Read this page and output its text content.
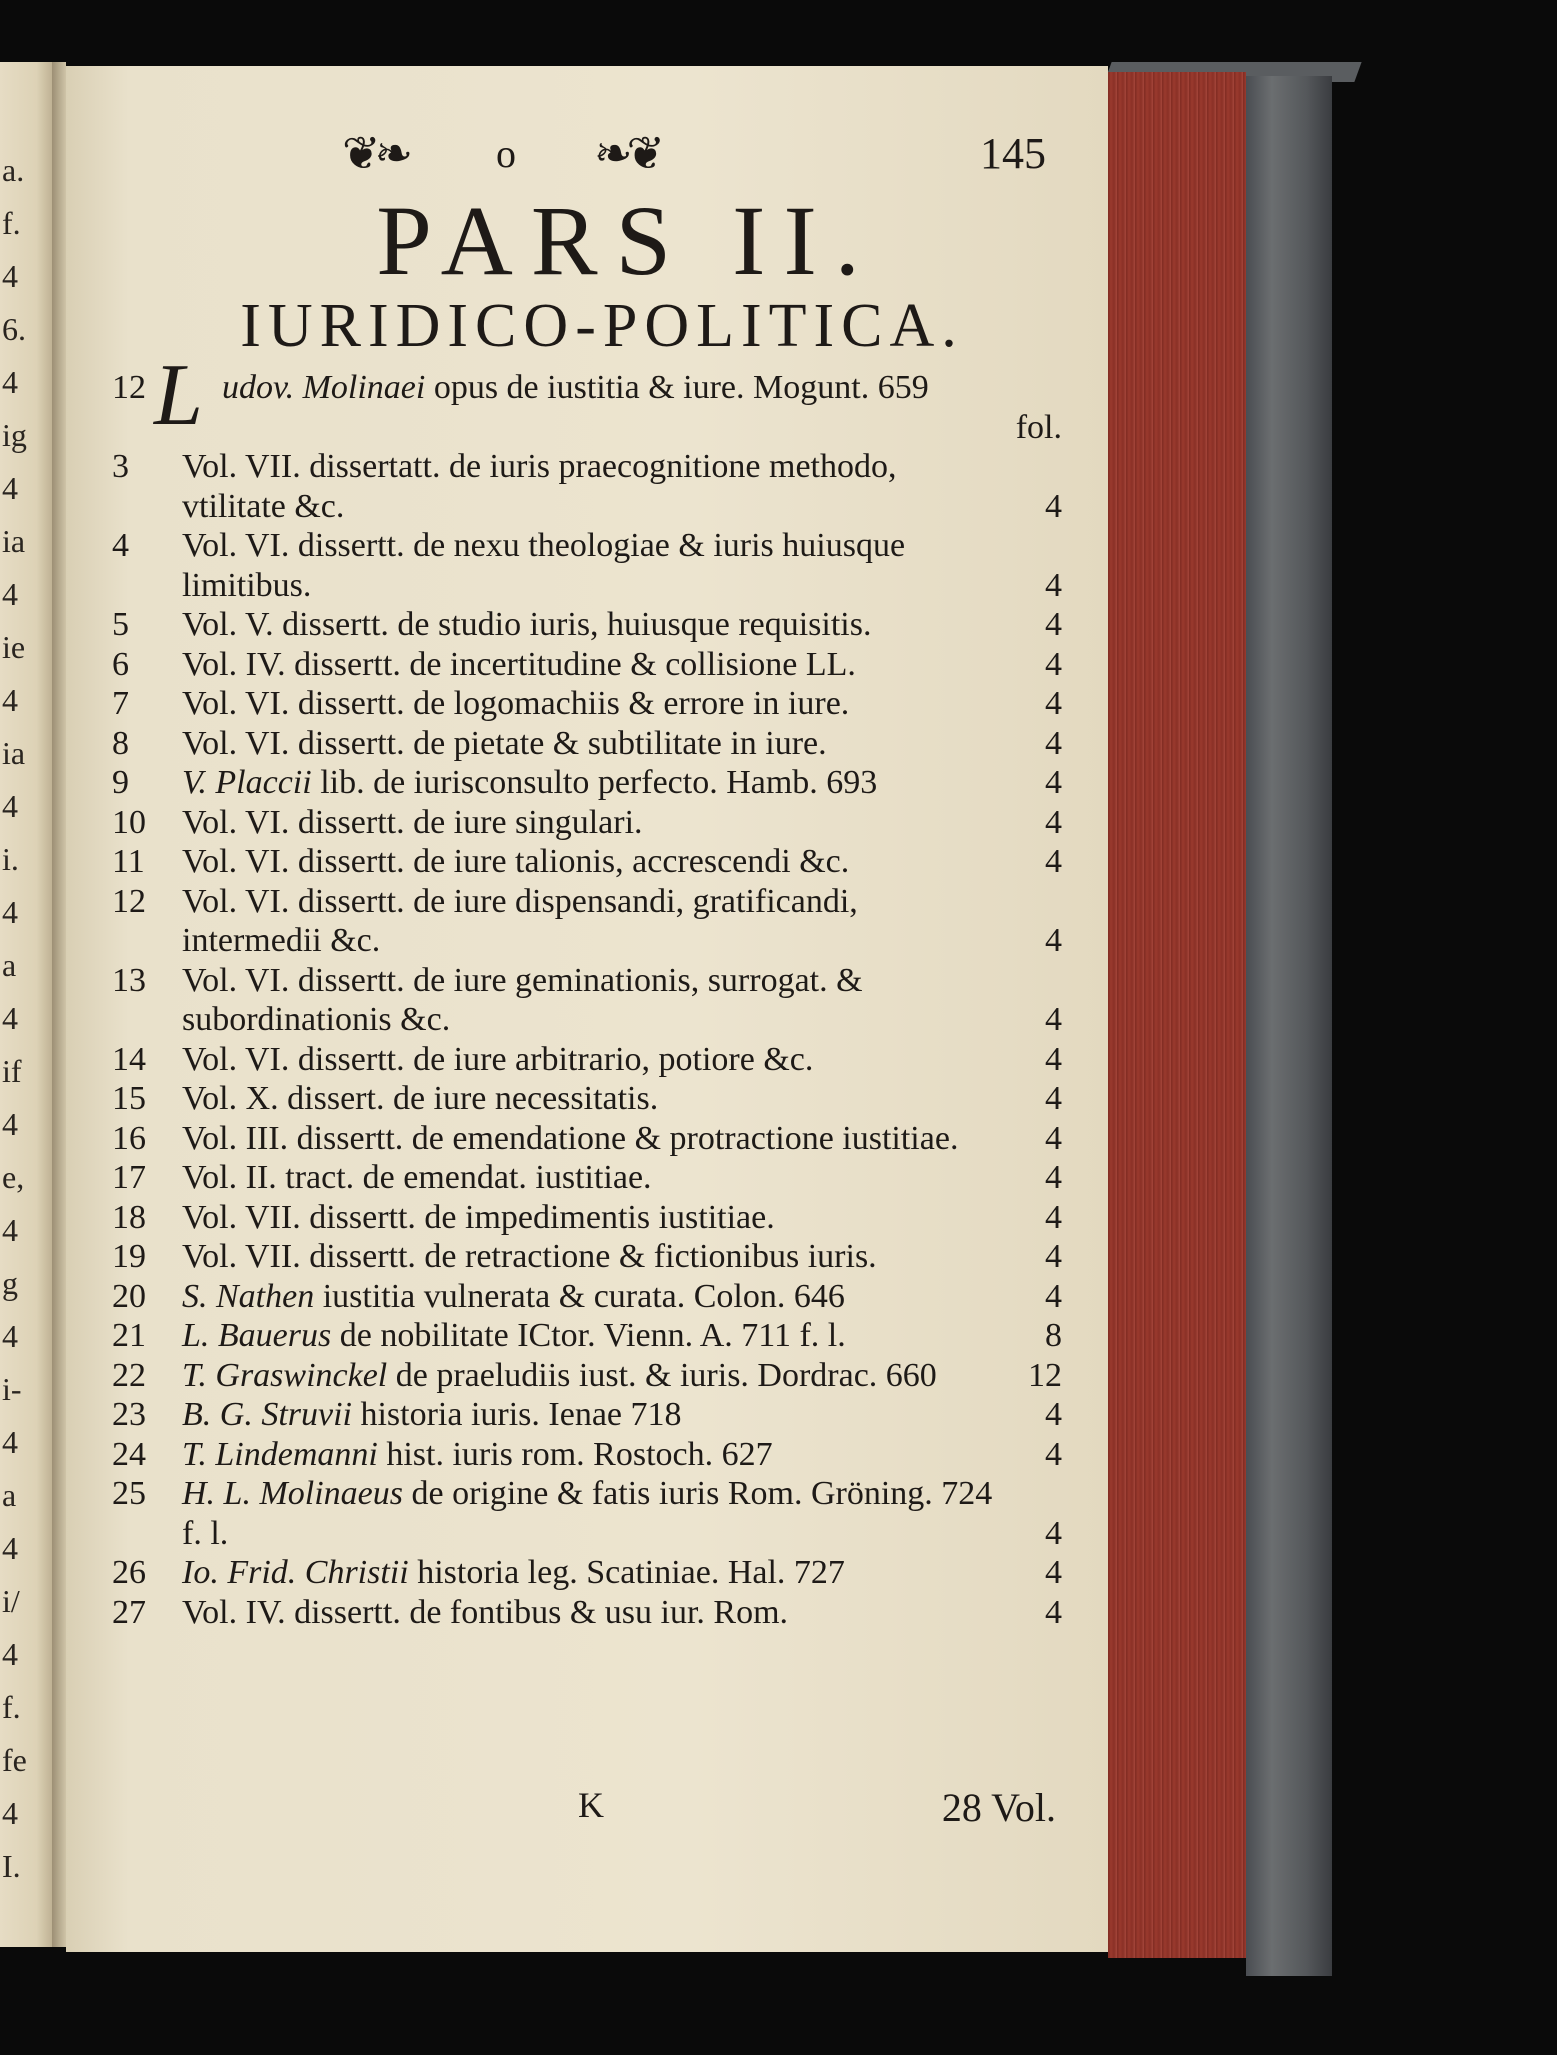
a.
f.
4
6.
4
ig
4
ia
4
ie
4
ia
4
i.
4
a
4
if
4
e,
4
g
4
i-
4
a
4
i/
4
f.
fe
4
I.
❦❧ o ❧❦	145
PARS II.
IURIDICO-POLITICA.
12 L udov. Molinaei opus de iustitia & iure. Mogunt. 659
fol.
3 Vol. VII. dissertatt. de iuris praecognitione methodo, vtilitate &c.	4
4 Vol. VI. dissertt. de nexu theologiae & iuris huiusque limitibus.	4
5 Vol. V. dissertt. de studio iuris, huiusque requisitis.	4
6 Vol. IV. dissertt. de incertitudine & collisione LL.	4
7 Vol. VI. dissertt. de logomachiis & errore in iure.	4
8 Vol. VI. dissertt. de pietate & subtilitate in iure.	4
9 V. Placcii lib. de iurisconsulto perfecto. Hamb. 693	4
10 Vol. VI. dissertt. de iure singulari.	4
11 Vol. VI. dissertt. de iure talionis, accrescendi &c.	4
12 Vol. VI. dissertt. de iure dispensandi, gratificandi, intermedii &c.	4
13 Vol. VI. dissertt. de iure geminationis, surrogat. & subordinationis &c.	4
14 Vol. VI. dissertt. de iure arbitrario, potiore &c.	4
15 Vol. X. dissert. de iure necessitatis.	4
16 Vol. III. dissertt. de emendatione & protractione iustitiae.	4
17 Vol. II. tract. de emendat. iustitiae.	4
18 Vol. VII. dissertt. de impedimentis iustitiae.	4
19 Vol. VII. dissertt. de retractione & fictionibus iuris.	4
20 S. Nathen iustitia vulnerata & curata. Colon. 646	4
21 L. Bauerus de nobilitate ICtor. Vienn. A. 711 f. l.	8
22 T. Graswinckel de praeludiis iust. & iuris. Dordrac. 660	12
23 B. G. Struvii historia iuris. Ienae 718	4
24 T. Lindemanni hist. iuris rom. Rostoch. 627	4
25 H. L. Molinaeus de origine & fatis iuris Rom. Gröning. 724 f. l.	4
26 Io. Frid. Christii historia leg. Scatiniae. Hal. 727	4
27 Vol. IV. dissertt. de fontibus & usu iur. Rom.	4
K	28 Vol.
